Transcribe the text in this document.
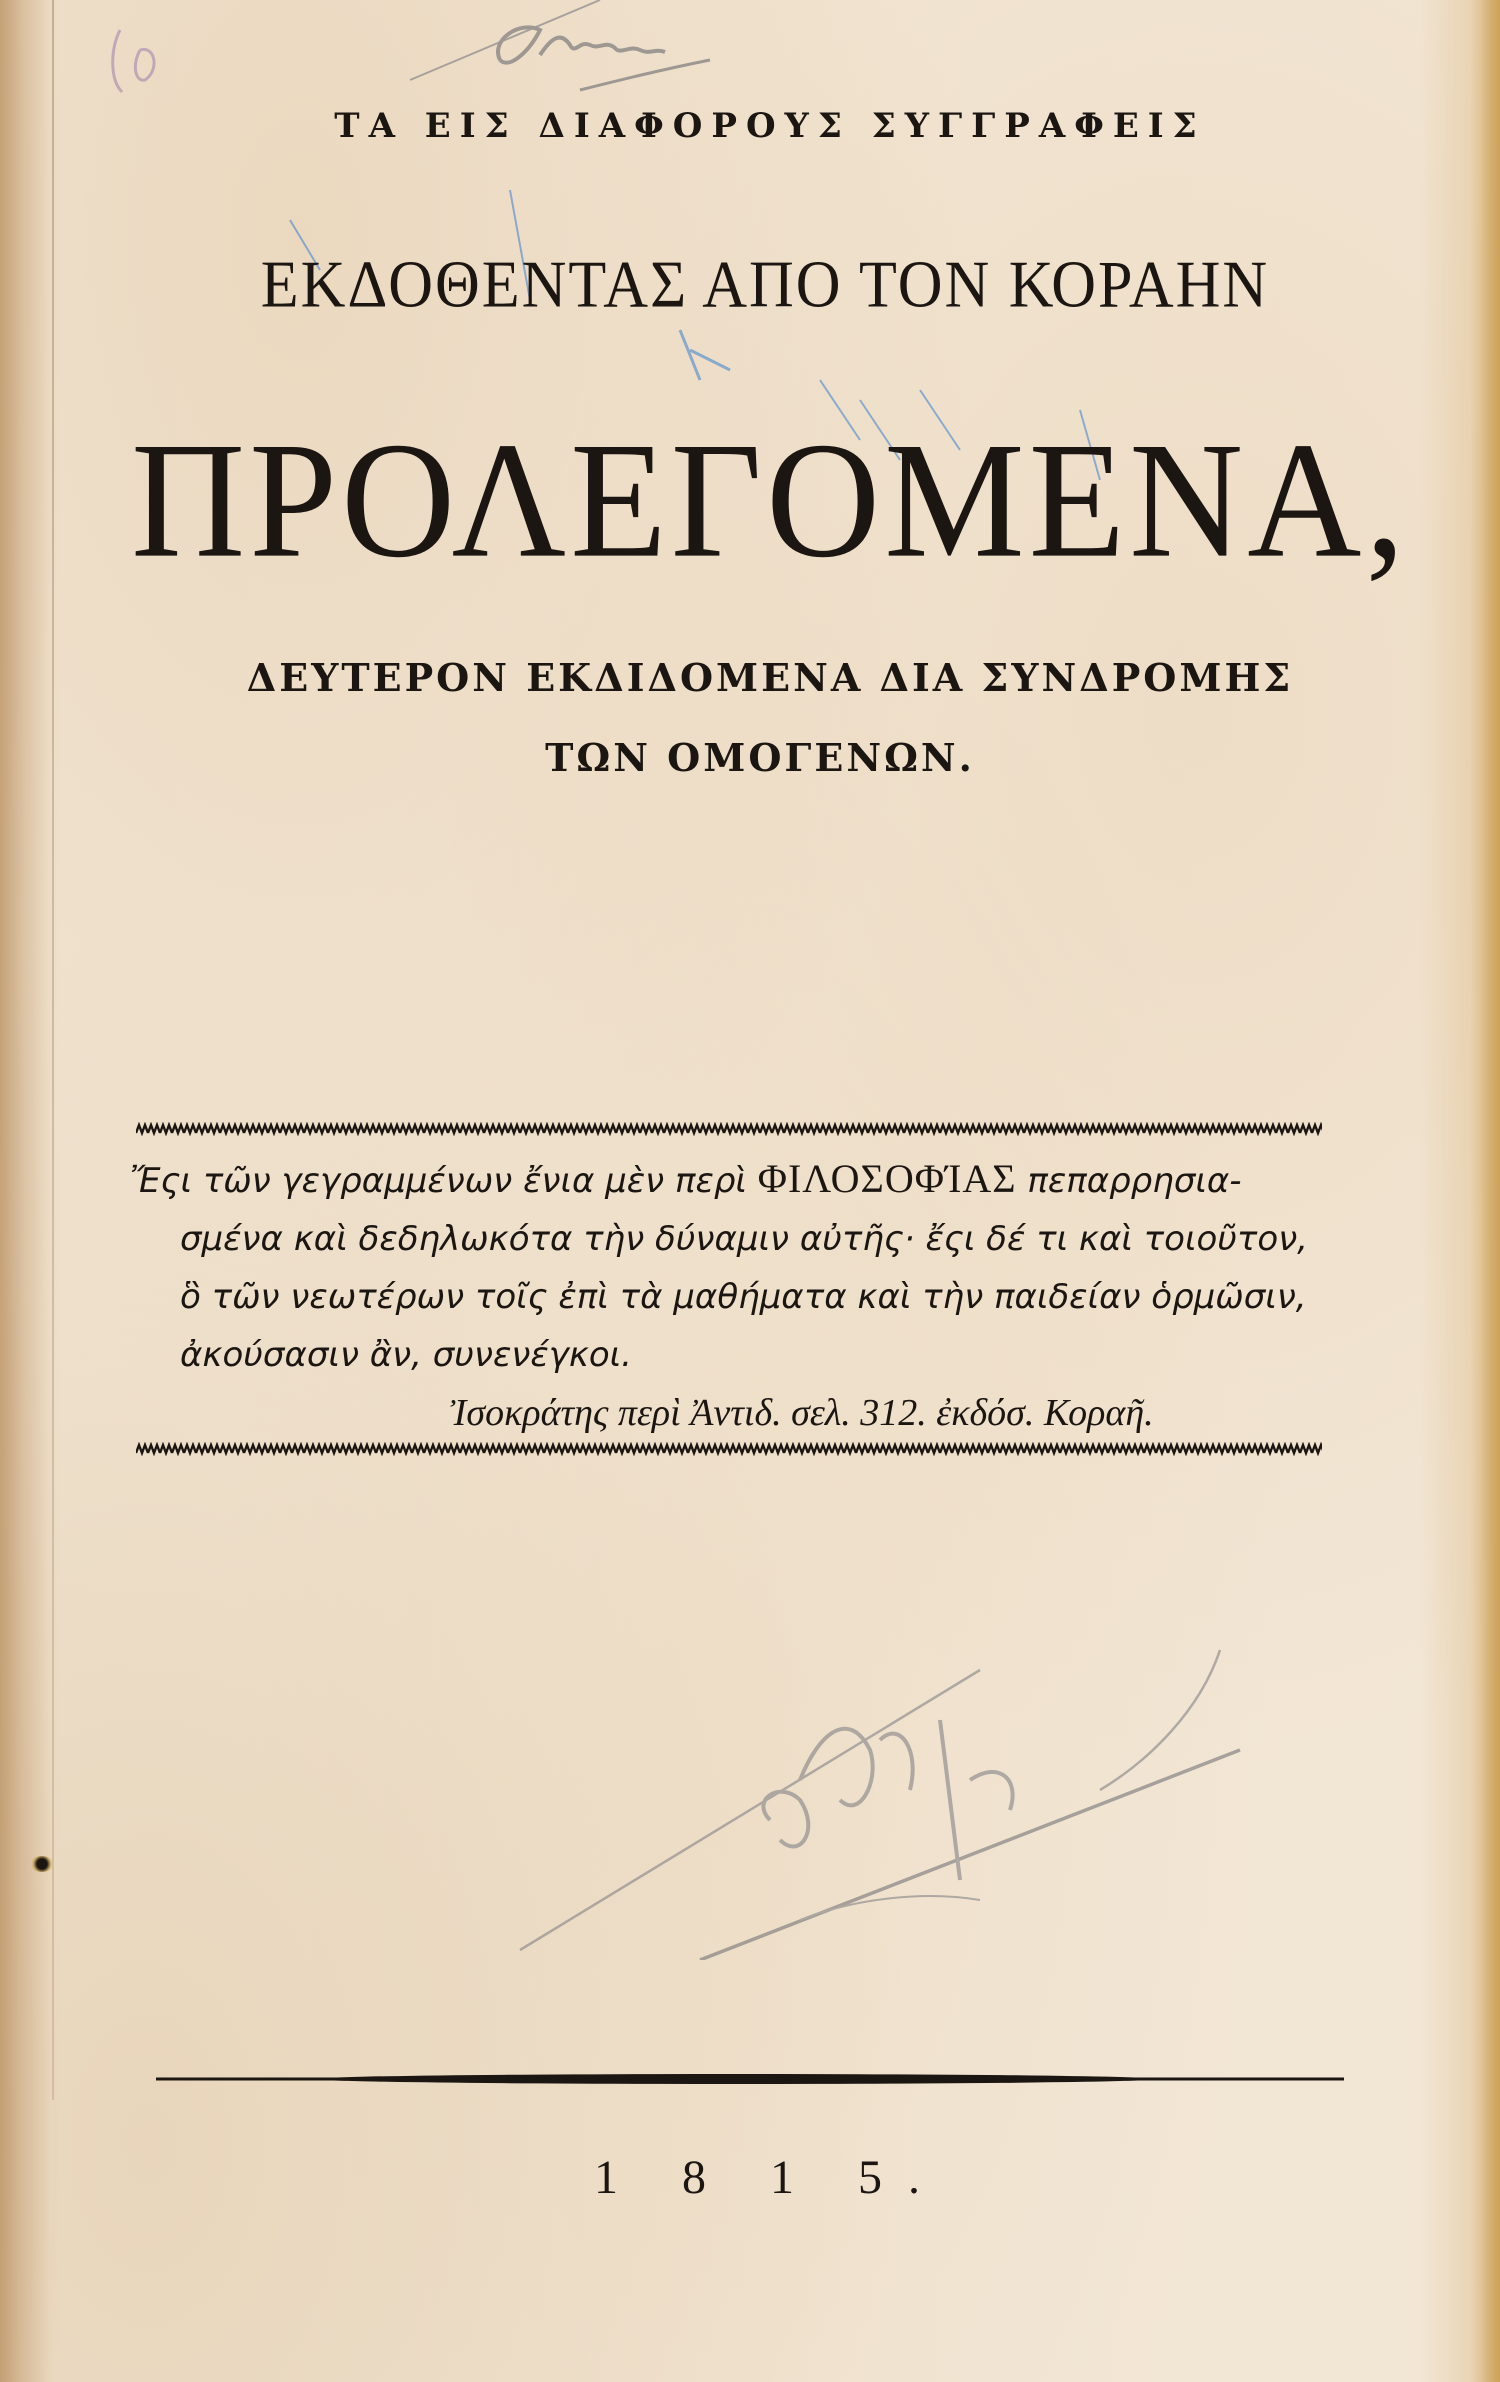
ΤΑ ΕΙΣ ΔΙΑΦΟΡΟΥΣ ΣΥΓΓΡΑΦΕΙΣ
ΕΚΔΟΘΕΝΤΑΣ ΑΠΟ ΤΟΝ ΚΟΡΑΗΝ
ΠΡΟΛΕΓΟΜΕΝΑ,
ΔΕΥΤΕΡΟΝ ΕΚΔΙΔΟΜΕΝΑ ΔΙΑ ΣΥΝΔΡΟΜΗΣ
ΤΩΝ ΟΜΟΓΕΝΩΝ.
Ἔςι τῶν γεγραμμένων ἔνια μὲν περὶ ΦΙΛΟΣΟΦΊΑΣ πεπαρρησια-
σμένα καὶ δεδηλωκότα τὴν δύναμιν αὐτῆς· ἔςι δέ τι καὶ τοιοῦτον,
ὃ τῶν νεωτέρων τοῖς ἐπὶ τὰ μαθήματα καὶ τὴν παιδείαν ὁρμῶσιν,
ἀκούσασιν ἂν, συνενέγκοι.
Ἰσοκράτης περὶ Ἀντιδ. σελ. 312. ἐκδόσ. Κοραῆ.
1 8 1 5.
